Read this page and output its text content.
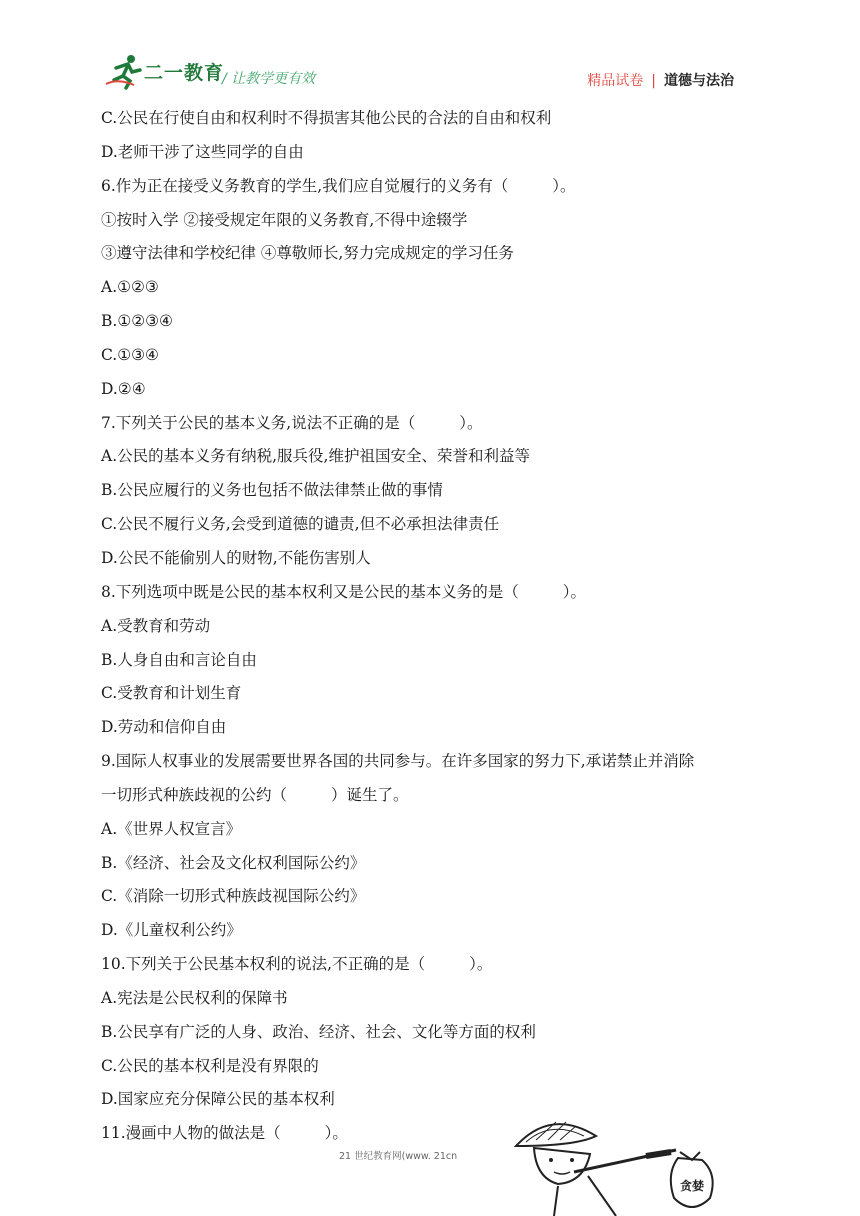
二一教育
/ 让教学更有效	精品试卷 | 道德与法治
C.公民在行使自由和权利时不得损害其他公民的合法的自由和权利
D.老师干涉了这些同学的自由
6.作为正在接受义务教育的学生,我们应自觉履行的义务有（	）。
①按时入学 ②接受规定年限的义务教育,不得中途辍学
③遵守法律和学校纪律 ④尊敬师长,努力完成规定的学习任务
A.①②③
B.①②③④
C.①③④
D.②④
7.下列关于公民的基本义务,说法不正确的是（	）。
A.公民的基本义务有纳税,服兵役,维护祖国安全、荣誉和利益等
B.公民应履行的义务也包括不做法律禁止做的事情
C.公民不履行义务,会受到道德的谴责,但不必承担法律责任
D.公民不能偷别人的财物,不能伤害别人
8.下列选项中既是公民的基本权利又是公民的基本义务的是（	）。
A.受教育和劳动
B.人身自由和言论自由
C.受教育和计划生育
D.劳动和信仰自由
9.国际人权事业的发展需要世界各国的共同参与。在许多国家的努力下,承诺禁止并消除
一切形式种族歧视的公约（	）诞生了。
A.《世界人权宣言》
B.《经济、社会及文化权利国际公约》
C.《消除一切形式种族歧视国际公约》
D.《儿童权利公约》
10.下列关于公民基本权利的说法,不正确的是（	）。
A.宪法是公民权利的保障书
B.公民享有广泛的人身、政治、经济、社会、文化等方面的权利
C.公民的基本权利是没有界限的
D.国家应充分保障公民的基本权利
11.漫画中人物的做法是（	）。
21 世纪教育网(www. 21cn
贪婪
